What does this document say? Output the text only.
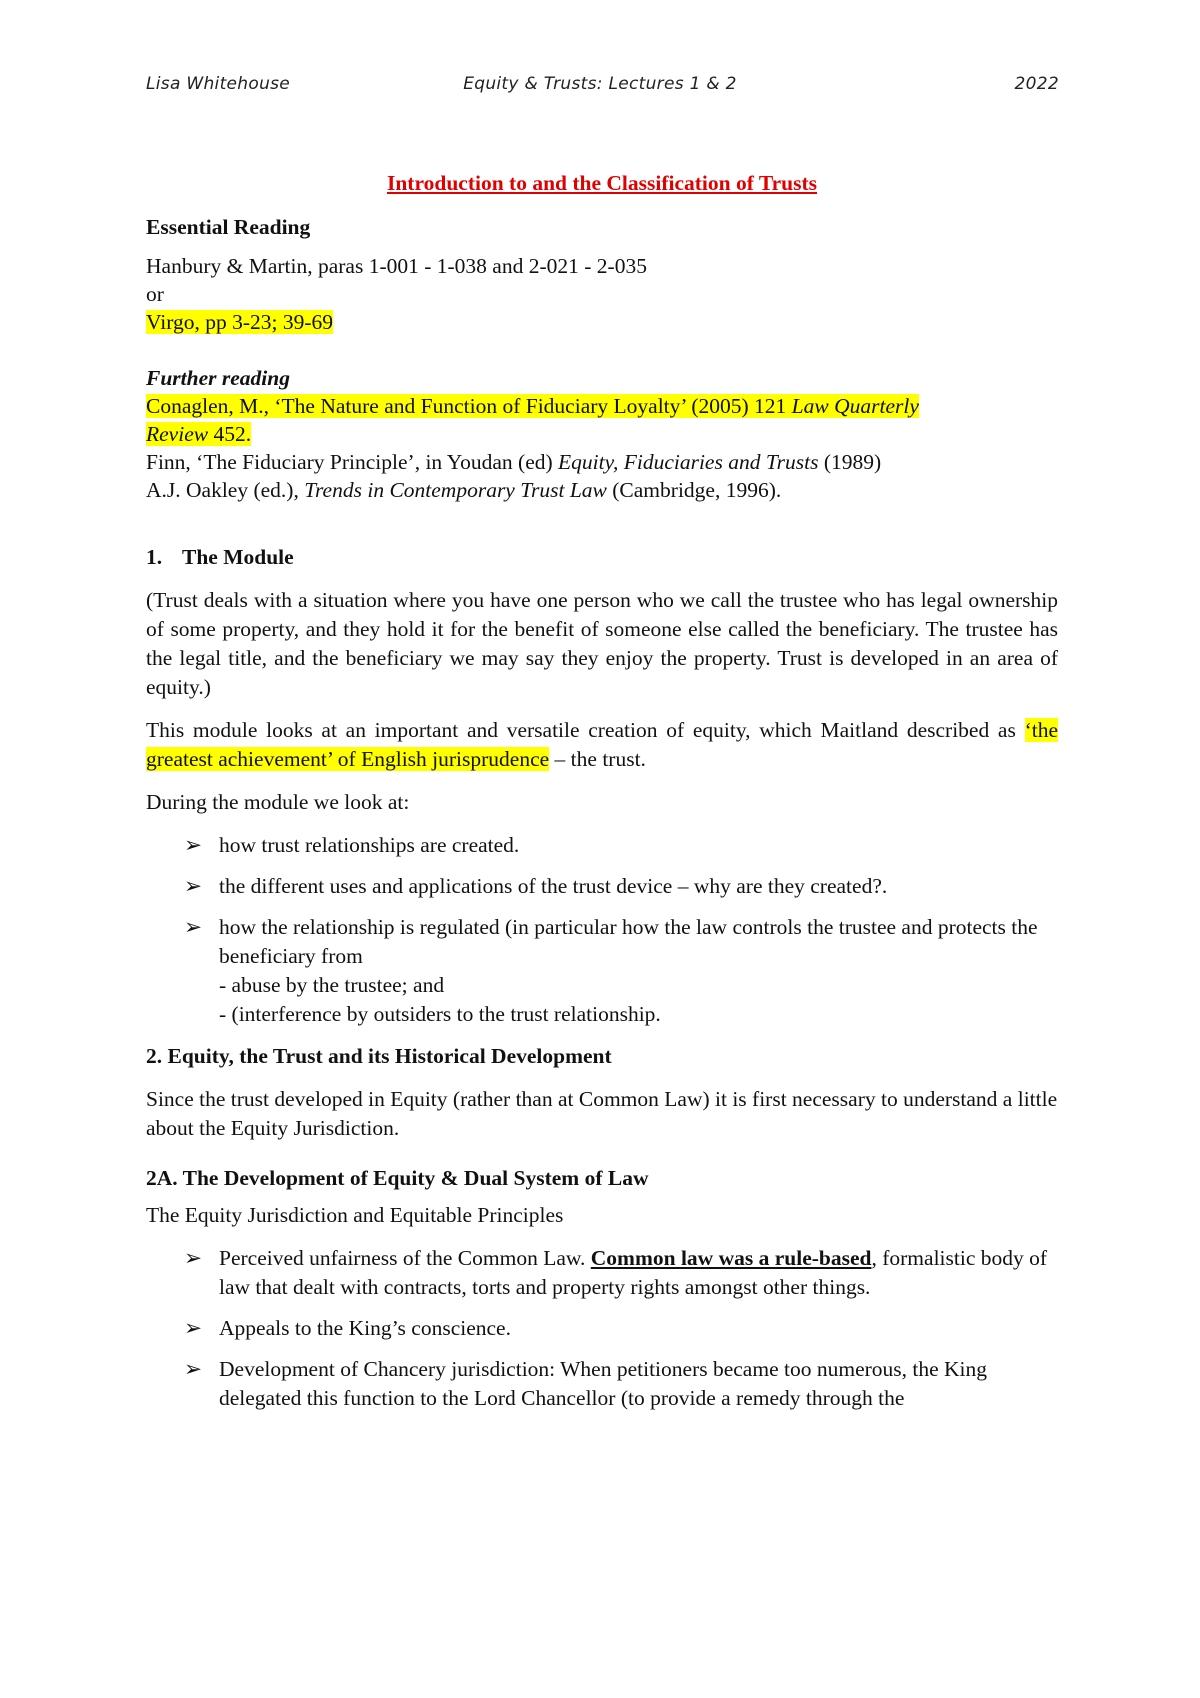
Lisa Whitehouse	Equity & Trusts: Lectures 1 & 2	2022

Introduction to and the Classification of Trusts

Essential Reading

Hanbury & Martin, paras 1-001 - 1-038 and 2-021 - 2-035

or

Virgo, pp 3-23; 39-69

Further reading

Conaglen, M., ‘The Nature and Function of Fiduciary Loyalty’ (2005) 121 Law Quarterly

Review 452.

Finn, ‘The Fiduciary Principle’, in Youdan (ed) Equity, Fiduciaries and Trusts (1989)

A.J. Oakley (ed.), Trends in Contemporary Trust Law (Cambridge, 1996).

1. The Module

(Trust deals with a situation where you have one person who we call the trustee who has legal ownership of some property, and they hold it for the benefit of someone else called the beneficiary. The trustee has the legal title, and the beneficiary we may say they enjoy the property. Trust is developed in an area of equity.)

This module looks at an important and versatile creation of equity, which Maitland described as ‘the greatest achievement’ of English jurisprudence – the trust.

During the module we look at:

➢ how trust relationships are created.
➢ the different uses and applications of the trust device – why are they created?.
➢ how the relationship is regulated (in particular how the law controls the trustee and protects the beneficiary from
- abuse by the trustee; and
- (interference by outsiders to the trust relationship.

2. Equity, the Trust and its Historical Development

Since the trust developed in Equity (rather than at Common Law) it is first necessary to understand a little about the Equity Jurisdiction.

2A. The Development of Equity & Dual System of Law

The Equity Jurisdiction and Equitable Principles

➢ Perceived unfairness of the Common Law. Common law was a rule-based, formalistic body of law that dealt with contracts, torts and property rights amongst other things.
➢ Appeals to the King’s conscience.
➢ Development of Chancery jurisdiction: When petitioners became too numerous, the King delegated this function to the Lord Chancellor (to provide a remedy through the
